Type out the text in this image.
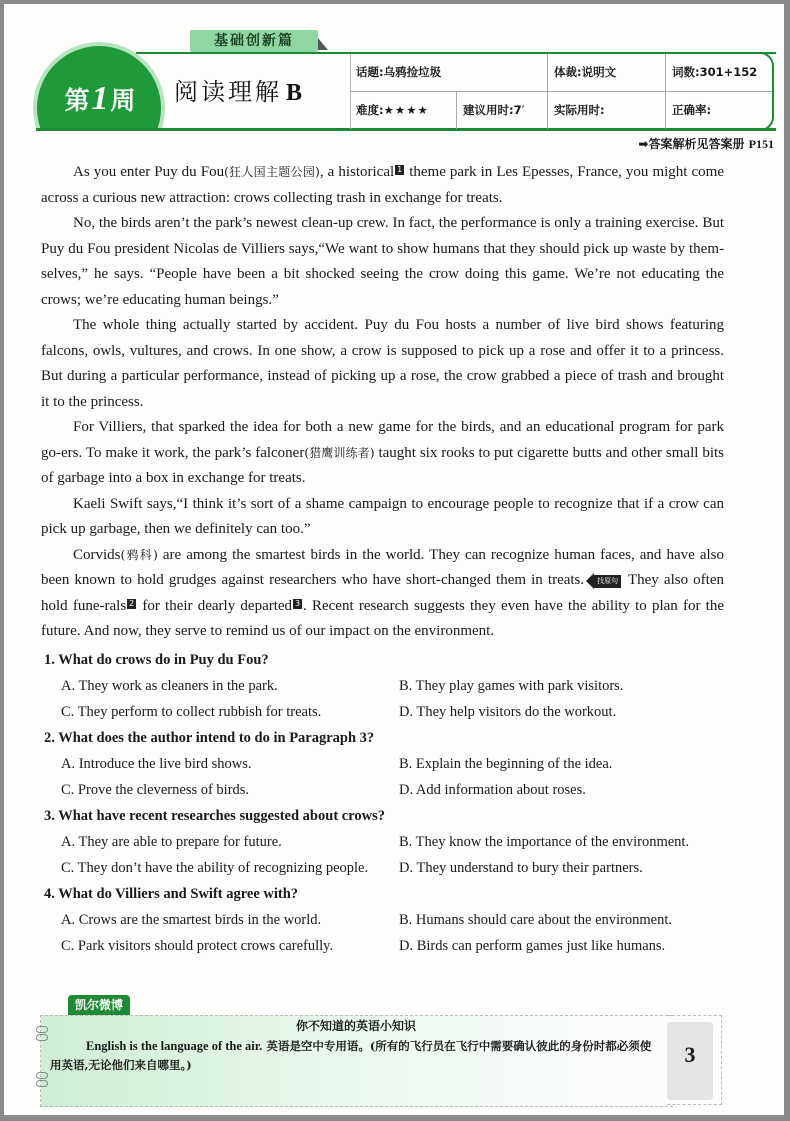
基础创新篇
第1周	阅读理解 B
话题:乌鸦捡垃圾	体裁:说明文	词数:301+152
难度:★★★★	建议用时:7′	实际用时:	正确率:
➡答案解析见答案册 P151

As you enter Puy du Fou(狂人国主题公园), a historical 1 theme park in Les Epesses, France, you might come across a curious new attraction: crows collecting trash in exchange for treats.

No, the birds aren’t the park’s newest clean-up crew. In fact, the performance is only a training exercise. But Puy du Fou president Nicolas de Villiers says,“We want to show humans that they should pick up waste by them-selves,” he says. “People have been a bit shocked seeing the crow doing this game. We’re not educating the crows; we’re educating human beings.”

The whole thing actually started by accident. Puy du Fou hosts a number of live bird shows featuring falcons, owls, vultures, and crows. In one show, a crow is supposed to pick up a rose and offer it to a princess. But during a particular performance, instead of picking up a rose, the crow grabbed a piece of trash and brought it to the princess.

For Villiers, that sparked the idea for both a new game for the birds, and an educational program for park go-ers. To make it work, the park’s falconer(猎鹰训练者) taught six rooks to put cigarette butts and other small bits of garbage into a box in exchange for treats.

Kaeli Swift says,“I think it’s sort of a shame campaign to encourage people to recognize that if a crow can pick up garbage, then we definitely can too.”

Corvids(鸦科) are among the smartest birds in the world. They can recognize human faces, and have also been known to hold grudges against researchers who have short-changed them in treats. 找原句 They also often hold fune-rals 2 for their dearly departed 3 . Recent research suggests they even have the ability to plan for the future. And now, they serve to remind us of our impact on the environment.

1. What do crows do in Puy du Fou?
A. They work as cleaners in the park.	B. They play games with park visitors.
C. They perform to collect rubbish for treats.	D. They help visitors do the workout.
2. What does the author intend to do in Paragraph 3?
A. Introduce the live bird shows.	B. Explain the beginning of the idea.
C. Prove the cleverness of birds.	D. Add information about roses.
3. What have recent researches suggested about crows?
A. They are able to prepare for future.	B. They know the importance of the environment.
C. They don’t have the ability of recognizing people.	D. They understand to bury their partners.
4. What do Villiers and Swift agree with?
A. Crows are the smartest birds in the world.	B. Humans should care about the environment.
C. Park visitors should protect crows carefully.	D. Birds can perform games just like humans.
凯尔微博
你不知道的英语小知识
English is the language of the air. 英语是空中专用语。(所有的飞行员在飞行中需要确认彼此的身份时都必须使用英语,无论他们来自哪里。)	3
